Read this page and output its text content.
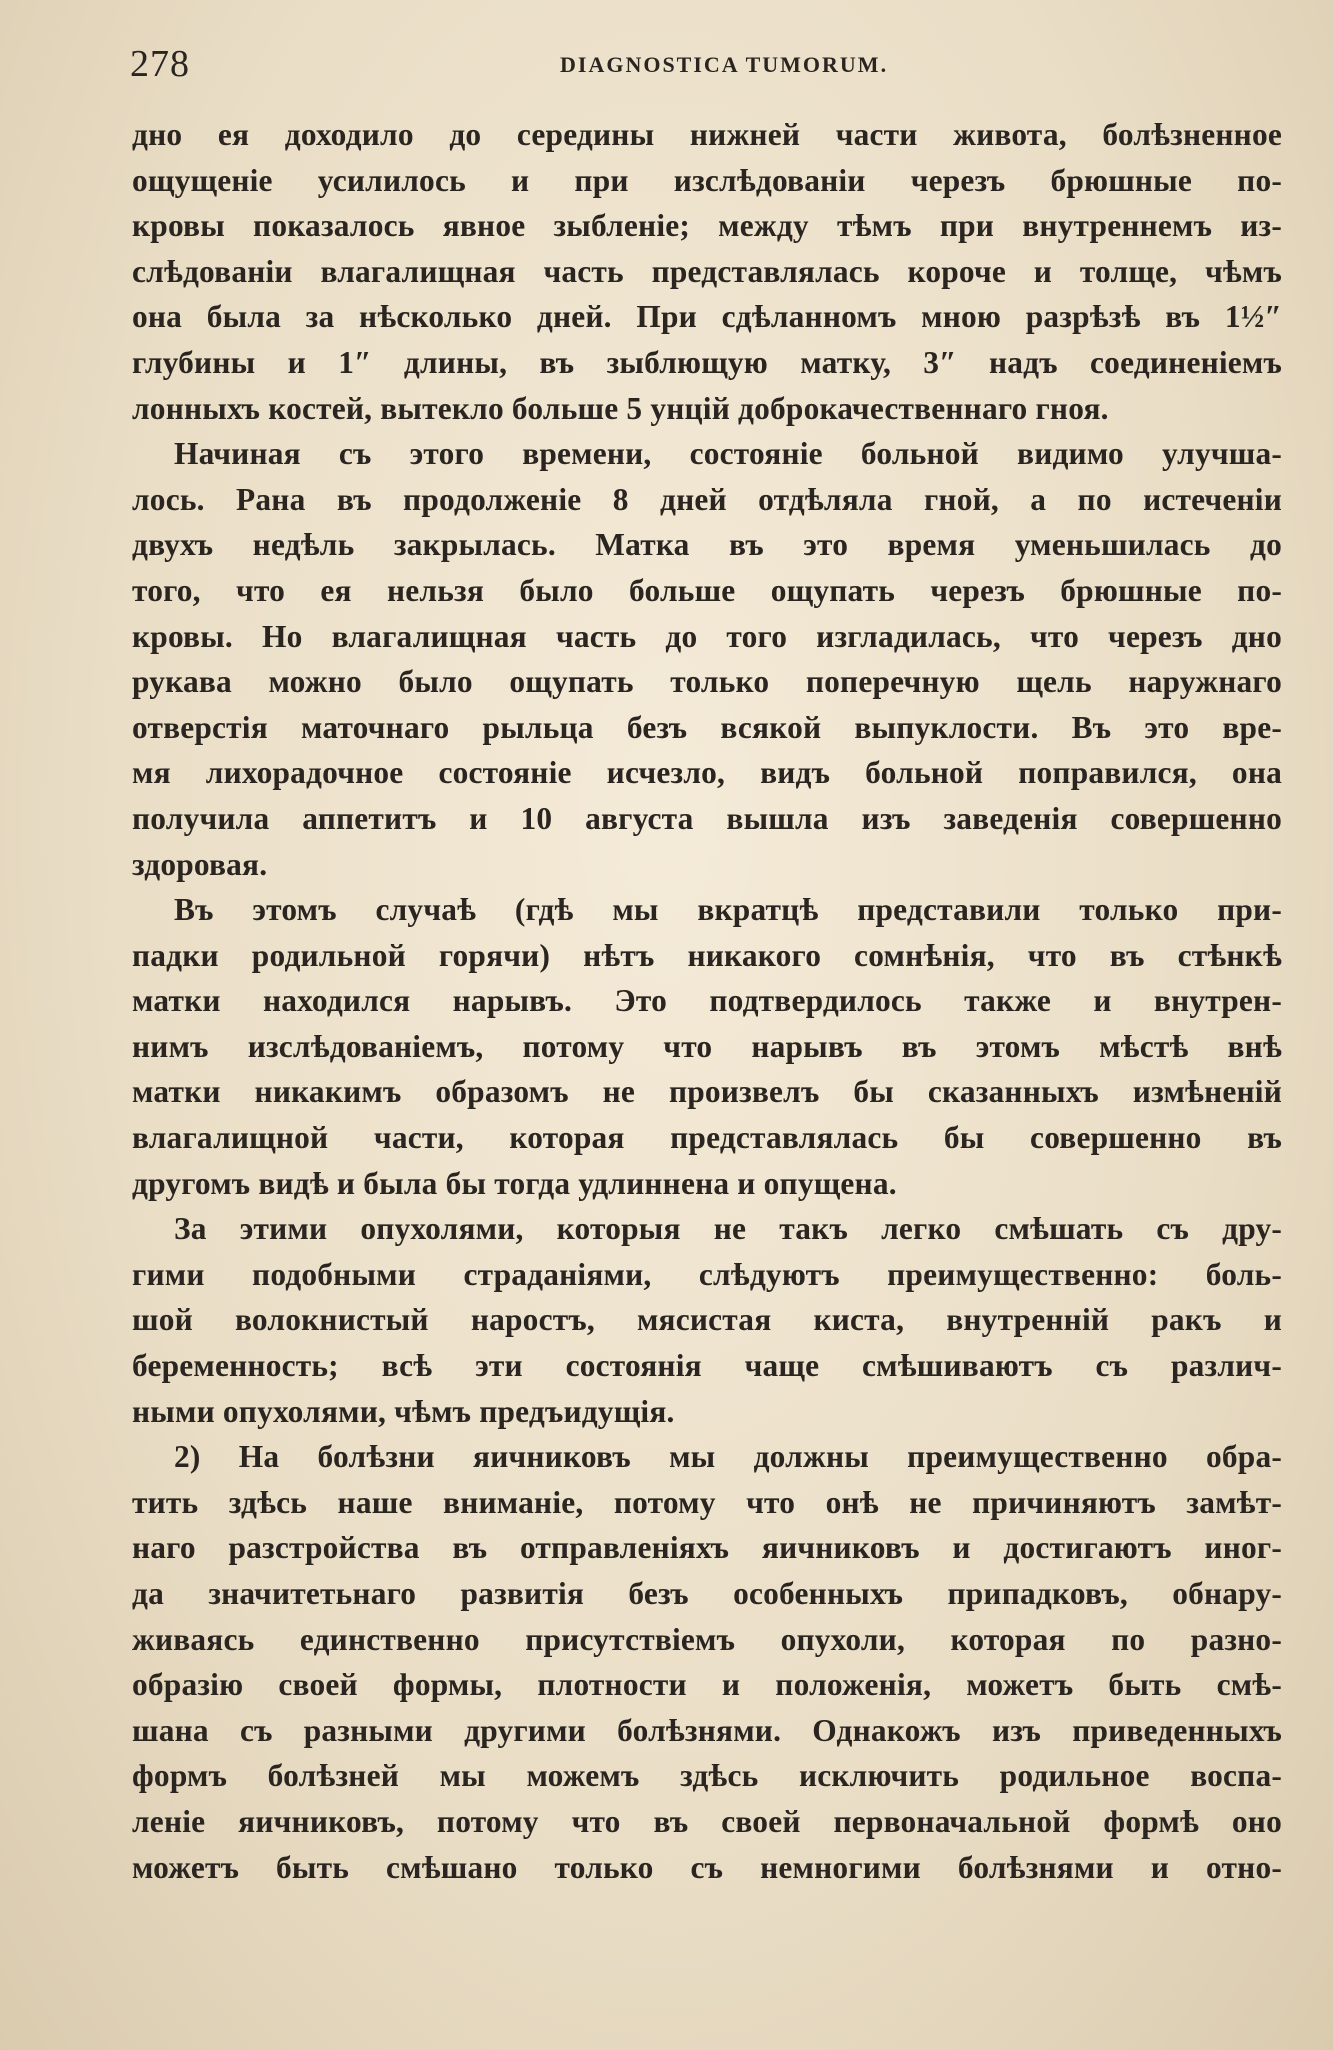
278	DIAGNOSTICA TUMORUM.
дно ея доходило до середины нижней части живота, болѣзненное
ощущеніе усилилось и при изслѣдованіи черезъ брюшные по-
кровы показалось явное зыбленіе; между тѣмъ при внутреннемъ из-
слѣдованіи влагалищная часть представлялась короче и толще, чѣмъ
она была за нѣсколько дней. При сдѣланномъ мною разрѣзѣ въ 1½″
глубины и 1″ длины, въ зыблющую матку, 3″ надъ соединеніемъ
лонныхъ костей, вытекло больше 5 унцій доброкачественнаго гноя.
Начиная съ этого времени, состояніе больной видимо улучша-
лось. Рана въ продолженіе 8 дней отдѣляла гной, а по истеченіи
двухъ недѣль закрылась. Матка въ это время уменьшилась до
того, что ея нельзя было больше ощупать черезъ брюшные по-
кровы. Но влагалищная часть до того изгладилась, что черезъ дно
рукава можно было ощупать только поперечную щель наружнаго
отверстія маточнаго рыльца безъ всякой выпуклости. Въ это вре-
мя лихорадочное состояніе исчезло, видъ больной поправился, она
получила аппетитъ и 10 августа вышла изъ заведенія совершенно
здоровая.
Въ этомъ случаѣ (гдѣ мы вкратцѣ представили только при-
падки родильной горячи) нѣтъ никакого сомнѣнія, что въ стѣнкѣ
матки находился нарывъ. Это подтвердилось также и внутрен-
нимъ изслѣдованіемъ, потому что нарывъ въ этомъ мѣстѣ внѣ
матки никакимъ образомъ не произвелъ бы сказанныхъ измѣненій
влагалищной части, которая представлялась бы совершенно въ
другомъ видѣ и была бы тогда удлиннена и опущена.
За этими опухолями, которыя не такъ легко смѣшать съ дру-
гими подобными страданіями, слѣдуютъ преимущественно: боль-
шой волокнистый наростъ, мясистая киста, внутренній ракъ и
беременность; всѣ эти состоянія чаще смѣшиваютъ съ различ-
ными опухолями, чѣмъ предъидущія.
2) На болѣзни яичниковъ мы должны преимущественно обра-
тить здѣсь наше вниманіе, потому что онѣ не причиняютъ замѣт-
наго разстройства въ отправленіяхъ яичниковъ и достигаютъ иног-
да значитетьнаго развитія безъ особенныхъ припадковъ, обнару-
живаясь единственно присутствіемъ опухоли, которая по разно-
образію своей формы, плотности и положенія, можетъ быть смѣ-
шана съ разными другими болѣзнями. Однакожъ изъ приведенныхъ
формъ болѣзней мы можемъ здѣсь исключить родильное воспа-
леніе яичниковъ, потому что въ своей первоначальной формѣ оно
можетъ быть смѣшано только съ немногими болѣзнями и отно-
